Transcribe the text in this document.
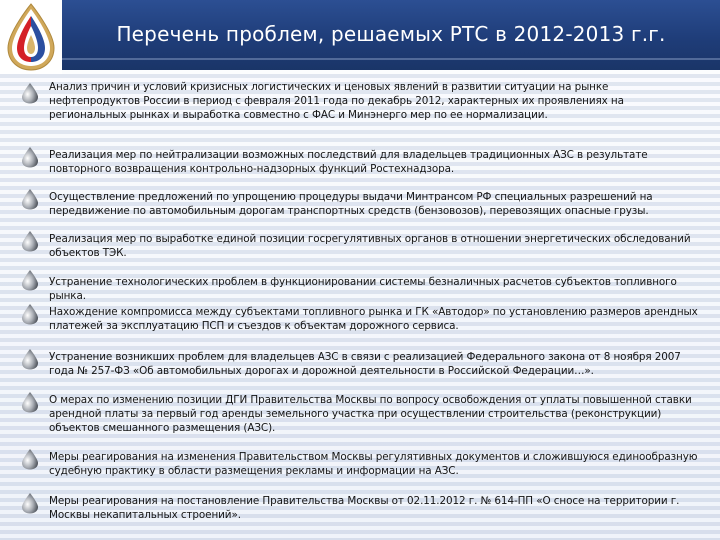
Перечень проблем, решаемых РТС в 2012-2013 г.г.
Анализ причин и условий кризисных логистических и ценовых явлений в развитии ситуации на рынке нефтепродуктов России в период с февраля 2011 года по декабрь 2012, характерных их проявлениях на региональных рынках и выработка совместно с ФАС и Минэнерго мер по ее нормализации.
Реализация мер по нейтрализации возможных последствий для владельцев традиционных АЗС в результате повторного возвращения контрольно-надзорных функций Ростехнадзора.
Осуществление предложений по упрощению процедуры выдачи Минтрансом РФ специальных разрешений на передвижение по автомобильным дорогам транспортных средств (бензовозов), перевозящих опасные грузы.
Реализация мер по выработке единой позиции госрегулятивных органов в отношении энергетических обследований объектов ТЭК.
Устранение технологических проблем в функционировании системы безналичных расчетов субъектов топливного рынка.
Нахождение компромисса между субъектами топливного рынка и ГК «Автодор» по установлению размеров арендных платежей за эксплуатацию ПСП и съездов к объектам дорожного сервиса.
Устранение возникших проблем для владельцев АЗС в связи с реализацией Федерального закона от 8 ноября 2007 года № 257-ФЗ «Об автомобильных дорогах и дорожной деятельности в Российской Федерации…».
О мерах по изменению позиции ДГИ Правительства Москвы по вопросу освобождения от уплаты повышенной ставки арендной платы за первый год аренды земельного участка при осуществлении строительства (реконструкции) объектов смешанного размещения (АЗС).
Меры реагирования на изменения Правительством Москвы регулятивных документов и сложившуюся единообразную судебную практику в области размещения рекламы и информации на АЗС.
Меры реагирования на постановление Правительства Москвы от 02.11.2012 г. № 614-ПП «О сносе на территории г. Москвы некапитальных строений».
